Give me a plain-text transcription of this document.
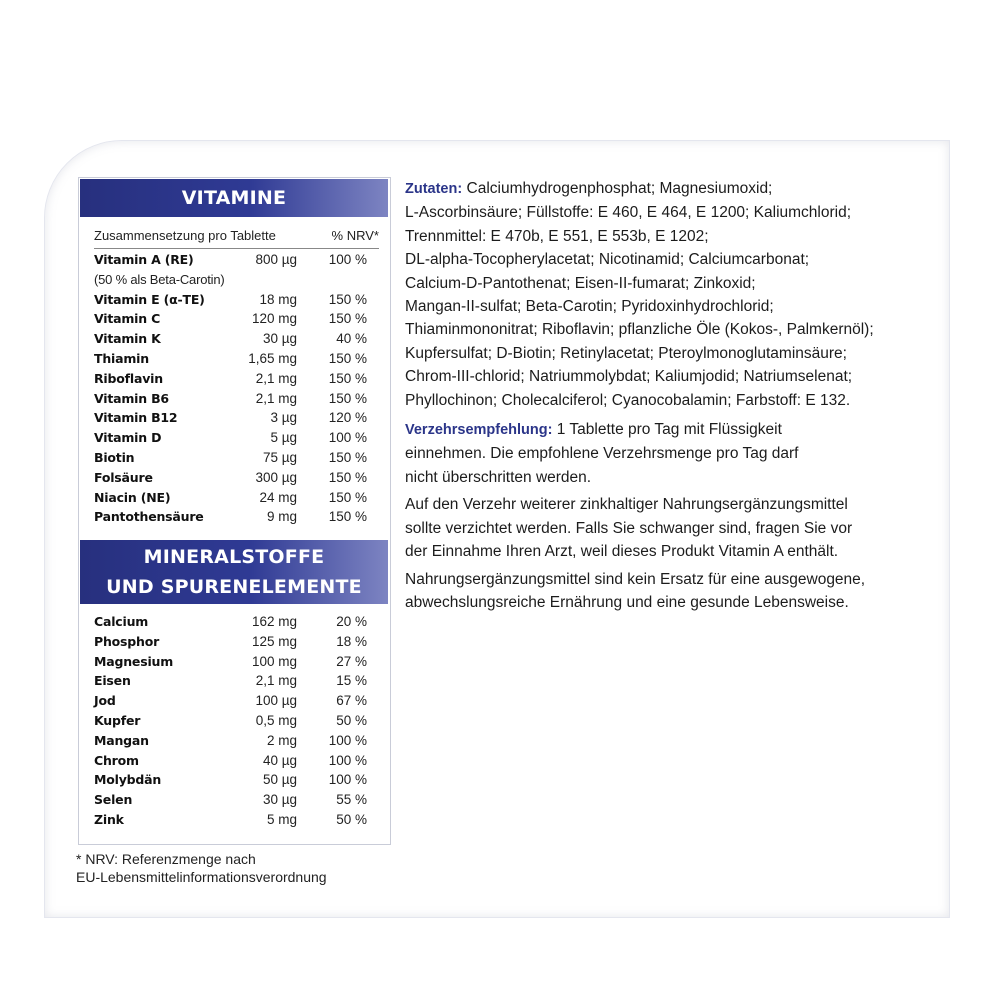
VITAMINE
Zusammensetzung pro Tablette	% NRV*
Vitamin A (RE)	800 µg 100 %
(50 % als Beta-Carotin)
Vitamin E (α-TE)	18 mg 150 %
Vitamin C	120 mg 150 %
Vitamin K	30 µg	40 %
Thiamin	1,65 mg 150 %
Riboflavin	2,1 mg 150 %
Vitamin B6	2,1 mg 150 %
Vitamin B12	3 µg 120 %
Vitamin D	5 µg 100 %
Biotin	75 µg 150 %
Folsäure	300 µg 150 %
Niacin (NE)	24 mg 150 %
Pantothensäure	9 mg 150 %
MINERALSTOFFE
UND SPURENELEMENTE
Calcium	162 mg	20 %
Phosphor	125 mg	18 %
Magnesium	100 mg	27 %
Eisen	2,1 mg	15 %
Jod	100 µg	67 %
Kupfer	0,5 mg	50 %
Mangan	2 mg 100 %
Chrom	40 µg 100 %
Molybdän	50 µg 100 %
Selen	30 µg	55 %
Zink	5 mg	50 %
* NRV: Referenzmenge nach
EU-Lebensmittelinformationsverordnung

Zutaten: Calciumhydrogenphosphat; Magnesiumoxid;
L-Ascorbinsäure; Füllstoffe: E 460, E 464, E 1200; Kaliumchlorid;
Trennmittel: E 470b, E 551, E 553b, E 1202;
DL-alpha-Tocopherylacetat; Nicotinamid; Calciumcarbonat;
Calcium-D-Pantothenat; Eisen-II-fumarat; Zinkoxid;
Mangan-II-sulfat; Beta-Carotin; Pyridoxinhydrochlorid;
Thiaminmononitrat; Riboflavin; pflanzliche Öle (Kokos-, Palmkernöl);
Kupfersulfat; D-Biotin; Retinylacetat; Pteroylmonoglutaminsäure;
Chrom-III-chlorid; Natriummolybdat; Kaliumjodid; Natriumselenat;
Phyllochinon; Cholecalciferol; Cyanocobalamin; Farbstoff: E 132.

Verzehrsempfehlung: 1 Tablette pro Tag mit Flüssigkeit
einnehmen. Die empfohlene Verzehrsmenge pro Tag darf
nicht überschritten werden.

Auf den Verzehr weiterer zinkhaltiger Nahrungsergänzungsmittel
sollte verzichtet werden. Falls Sie schwanger sind, fragen Sie vor
der Einnahme Ihren Arzt, weil dieses Produkt Vitamin A enthält.

Nahrungsergänzungsmittel sind kein Ersatz für eine ausgewogene,
abwechslungsreiche Ernährung und eine gesunde Lebensweise.
